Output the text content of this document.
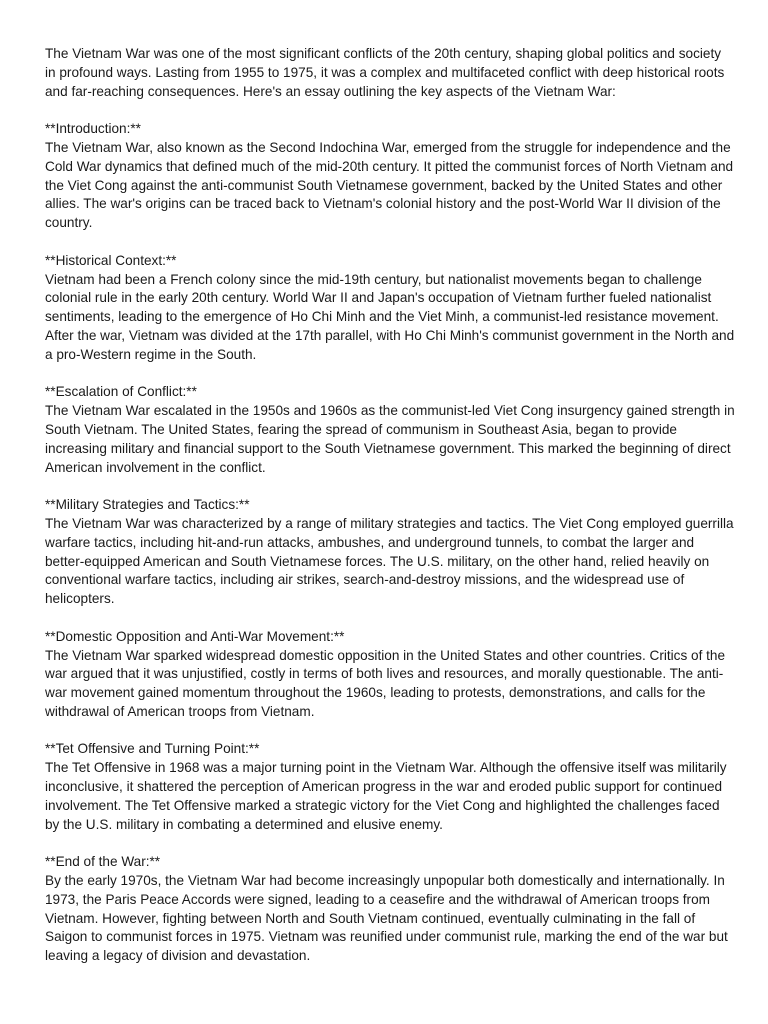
The Vietnam War was one of the most significant conflicts of the 20th century, shaping global politics and society in profound ways. Lasting from 1955 to 1975, it was a complex and multifaceted conflict with deep historical roots and far-reaching consequences. Here's an essay outlining the key aspects of the Vietnam War:

**Introduction:**

The Vietnam War, also known as the Second Indochina War, emerged from the struggle for independence and the Cold War dynamics that defined much of the mid-20th century. It pitted the communist forces of North Vietnam and the Viet Cong against the anti-communist South Vietnamese government, backed by the United States and other allies. The war's origins can be traced back to Vietnam's colonial history and the post-World War II division of the country.

**Historical Context:**

Vietnam had been a French colony since the mid-19th century, but nationalist movements began to challenge colonial rule in the early 20th century. World War II and Japan's occupation of Vietnam further fueled nationalist sentiments, leading to the emergence of Ho Chi Minh and the Viet Minh, a communist-led resistance movement. After the war, Vietnam was divided at the 17th parallel, with Ho Chi Minh's communist government in the North and a pro-Western regime in the South.

**Escalation of Conflict:**

The Vietnam War escalated in the 1950s and 1960s as the communist-led Viet Cong insurgency gained strength in South Vietnam. The United States, fearing the spread of communism in Southeast Asia, began to provide increasing military and financial support to the South Vietnamese government. This marked the beginning of direct American involvement in the conflict.

**Military Strategies and Tactics:**

The Vietnam War was characterized by a range of military strategies and tactics. The Viet Cong employed guerrilla warfare tactics, including hit-and-run attacks, ambushes, and underground tunnels, to combat the larger and better-equipped American and South Vietnamese forces. The U.S. military, on the other hand, relied heavily on conventional warfare tactics, including air strikes, search-and-destroy missions, and the widespread use of helicopters.

**Domestic Opposition and Anti-War Movement:**

The Vietnam War sparked widespread domestic opposition in the United States and other countries. Critics of the war argued that it was unjustified, costly in terms of both lives and resources, and morally questionable. The anti-war movement gained momentum throughout the 1960s, leading to protests, demonstrations, and calls for the withdrawal of American troops from Vietnam.

**Tet Offensive and Turning Point:**

The Tet Offensive in 1968 was a major turning point in the Vietnam War. Although the offensive itself was militarily inconclusive, it shattered the perception of American progress in the war and eroded public support for continued involvement. The Tet Offensive marked a strategic victory for the Viet Cong and highlighted the challenges faced by the U.S. military in combating a determined and elusive enemy.

**End of the War:**

By the early 1970s, the Vietnam War had become increasingly unpopular both domestically and internationally. In 1973, the Paris Peace Accords were signed, leading to a ceasefire and the withdrawal of American troops from Vietnam. However, fighting between North and South Vietnam continued, eventually culminating in the fall of Saigon to communist forces in 1975. Vietnam was reunified under communist rule, marking the end of the war but leaving a legacy of division and devastation.
